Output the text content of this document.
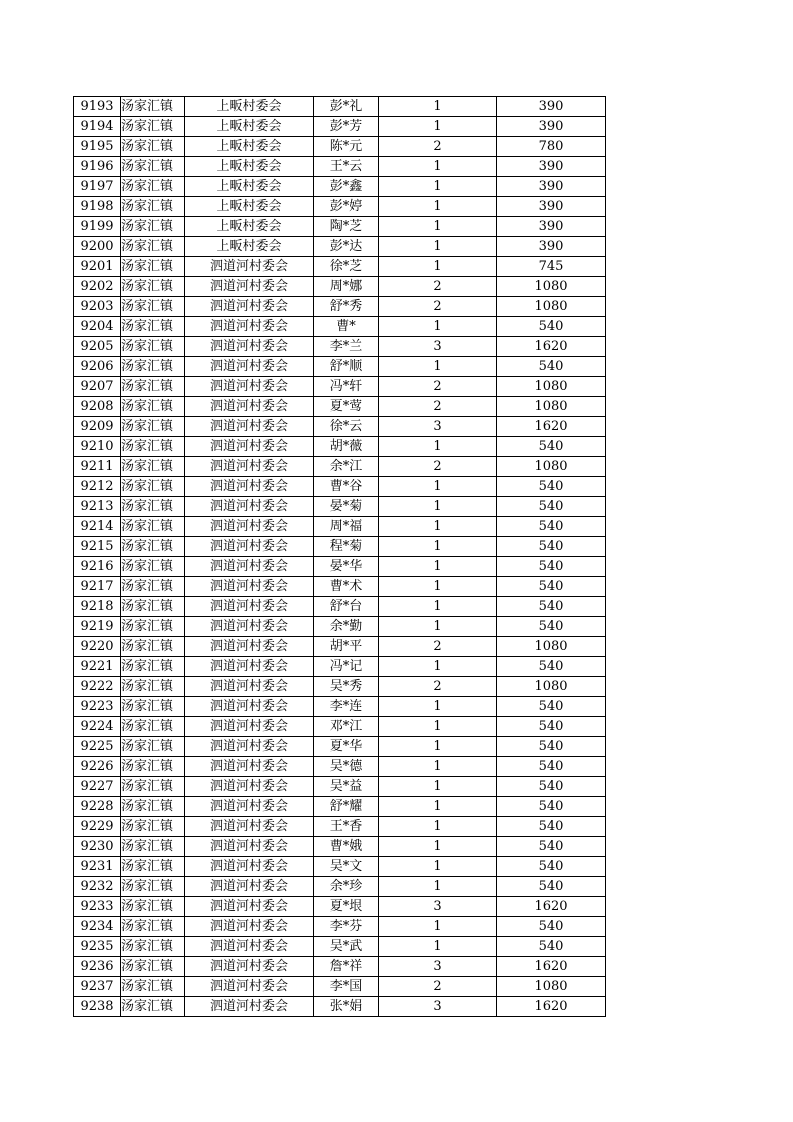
9193	汤家汇镇	上畈村委会	彭*礼	1	390
9194	汤家汇镇	上畈村委会	彭*芳	1	390
9195	汤家汇镇	上畈村委会	陈*元	2	780
9196	汤家汇镇	上畈村委会	王*云	1	390
9197	汤家汇镇	上畈村委会	彭*鑫	1	390
9198	汤家汇镇	上畈村委会	彭*婷	1	390
9199	汤家汇镇	上畈村委会	陶*芝	1	390
9200	汤家汇镇	上畈村委会	彭*达	1	390
9201	汤家汇镇	泗道河村委会	徐*芝	1	745
9202	汤家汇镇	泗道河村委会	周*娜	2	1080
9203	汤家汇镇	泗道河村委会	舒*秀	2	1080
9204	汤家汇镇	泗道河村委会	曹*	1	540
9205	汤家汇镇	泗道河村委会	李*兰	3	1620
9206	汤家汇镇	泗道河村委会	舒*顺	1	540
9207	汤家汇镇	泗道河村委会	冯*轩	2	1080
9208	汤家汇镇	泗道河村委会	夏*莺	2	1080
9209	汤家汇镇	泗道河村委会	徐*云	3	1620
9210	汤家汇镇	泗道河村委会	胡*薇	1	540
9211	汤家汇镇	泗道河村委会	余*江	2	1080
9212	汤家汇镇	泗道河村委会	曹*谷	1	540
9213	汤家汇镇	泗道河村委会	晏*菊	1	540
9214	汤家汇镇	泗道河村委会	周*福	1	540
9215	汤家汇镇	泗道河村委会	程*菊	1	540
9216	汤家汇镇	泗道河村委会	晏*华	1	540
9217	汤家汇镇	泗道河村委会	曹*术	1	540
9218	汤家汇镇	泗道河村委会	舒*台	1	540
9219	汤家汇镇	泗道河村委会	余*勤	1	540
9220	汤家汇镇	泗道河村委会	胡*平	2	1080
9221	汤家汇镇	泗道河村委会	冯*记	1	540
9222	汤家汇镇	泗道河村委会	吴*秀	2	1080
9223	汤家汇镇	泗道河村委会	李*连	1	540
9224	汤家汇镇	泗道河村委会	邓*江	1	540
9225	汤家汇镇	泗道河村委会	夏*华	1	540
9226	汤家汇镇	泗道河村委会	吴*德	1	540
9227	汤家汇镇	泗道河村委会	吴*益	1	540
9228	汤家汇镇	泗道河村委会	舒*耀	1	540
9229	汤家汇镇	泗道河村委会	王*香	1	540
9230	汤家汇镇	泗道河村委会	曹*娥	1	540
9231	汤家汇镇	泗道河村委会	吴*文	1	540
9232	汤家汇镇	泗道河村委会	余*珍	1	540
9233	汤家汇镇	泗道河村委会	夏*垠	3	1620
9234	汤家汇镇	泗道河村委会	李*芬	1	540
9235	汤家汇镇	泗道河村委会	吴*武	1	540
9236	汤家汇镇	泗道河村委会	詹*祥	3	1620
9237	汤家汇镇	泗道河村委会	李*国	2	1080
9238	汤家汇镇	泗道河村委会	张*娟	3	1620
